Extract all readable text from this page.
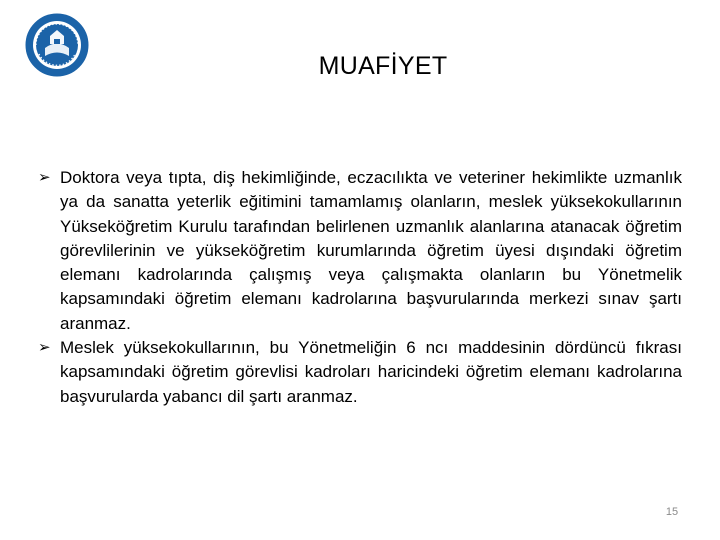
MUAFİYET
➢ Doktora veya tıpta, diş hekimliğinde, eczacılıkta ve veteriner hekimlikte uzmanlık ya da sanatta yeterlik eğitimini tamamlamış olanların, meslek yüksekokullarının Yükseköğretim Kurulu tarafından belirlenen uzmanlık alanlarına atanacak öğretim görevlilerinin ve yükseköğretim kurumlarında öğretim üyesi dışındaki öğretim elemanı kadrolarında çalışmış veya çalışmakta olanların bu Yönetmelik kapsamındaki öğretim elemanı kadrolarına başvurularında merkezi sınav şartı aranmaz.
➢ Meslek yüksekokullarının, bu Yönetmeliğin 6 ncı maddesinin dördüncü fıkrası kapsamındaki öğretim görevlisi kadroları haricindeki öğretim elemanı kadrolarına başvurularda yabancı dil şartı aranmaz.
15
